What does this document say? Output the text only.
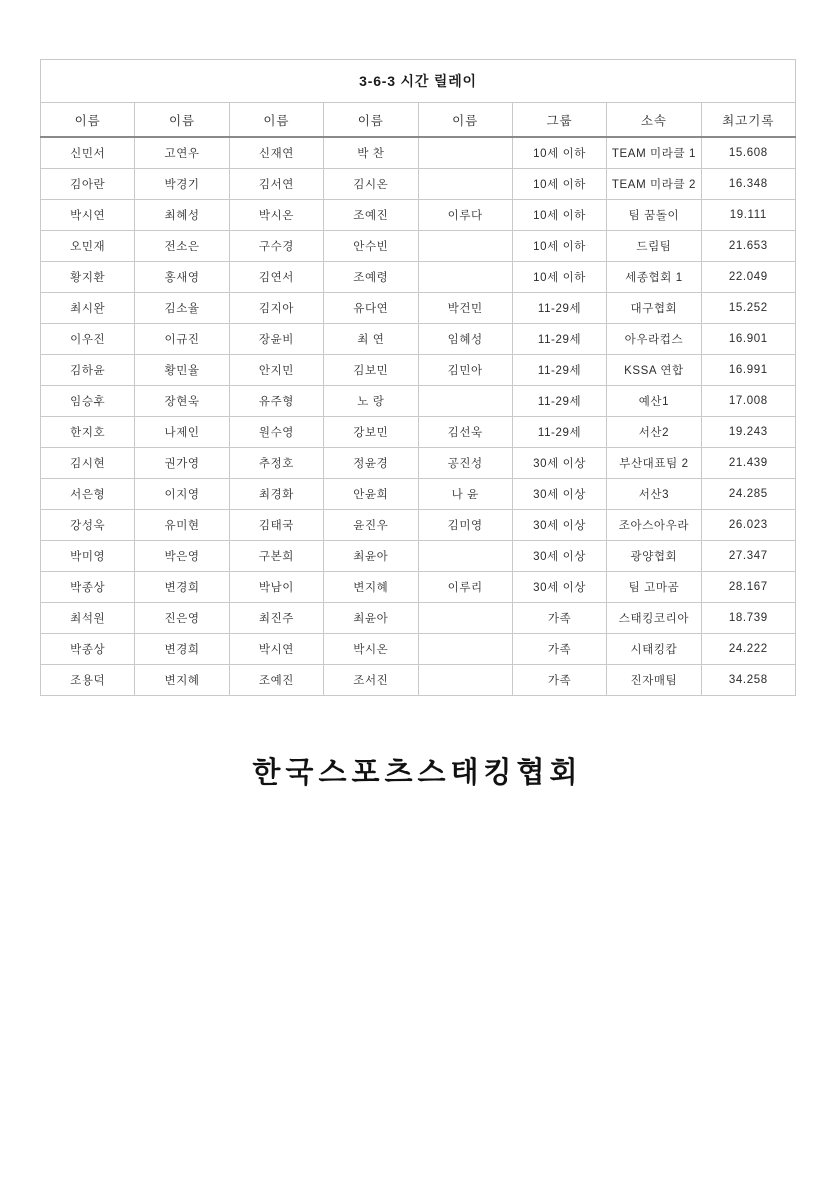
3-6-3 시간 릴레이							
이름	이름	이름	이름	이름	그룹	소속	최고기록
신민서	고연우	신재연	박 찬		10세 이하	TEAM 미라클 1	15.608
김아란	박경기	김서연	김시온		10세 이하	TEAM 미라클 2	16.348
박시연	최혜성	박시온	조예진	이루다	10세 이하	팀 꿈돌이	19.111
오민재	전소은	구수경	안수빈		10세 이하	드림팀	21.653
황지환	홍새영	김연서	조예령		10세 이하	세종협회 1	22.049
최시완	김소율	김지아	유다연	박건민	11-29세	대구협회	15.252
이우진	이규진	장윤비	최 연	임혜성	11-29세	아우라컵스	16.901
김하윤	황민율	안지민	김보민	김민아	11-29세	KSSA 연합	16.991
임승후	장현욱	유주형	노 랑		11-29세	예산1	17.008
한지호	나제인	원수영	강보민	김선욱	11-29세	서산2	19.243
김시현	권가영	추정호	정윤경	공진성	30세 이상	부산대표팀 2	21.439
서은형	이지영	최경화	안윤희	나 윤	30세 이상	서산3	24.285
강성욱	유미현	김태국	윤진우	김미영	30세 이상	조아스아우라	26.023
박미영	박은영	구본희	최윤아		30세 이상	광양협회	27.347
박종상	변경희	박남이	변지혜	이루리	30세 이상	팀 고마곰	28.167
최석원	진은영	최진주	최윤아		가족	스태킹코리아	18.739
박종상	변경희	박시연	박시온		가족	시태킹캅	24.222
조용덕	변지혜	조예진	조서진		가족	진자매팀	34.258
한국스포츠스태킹협회
